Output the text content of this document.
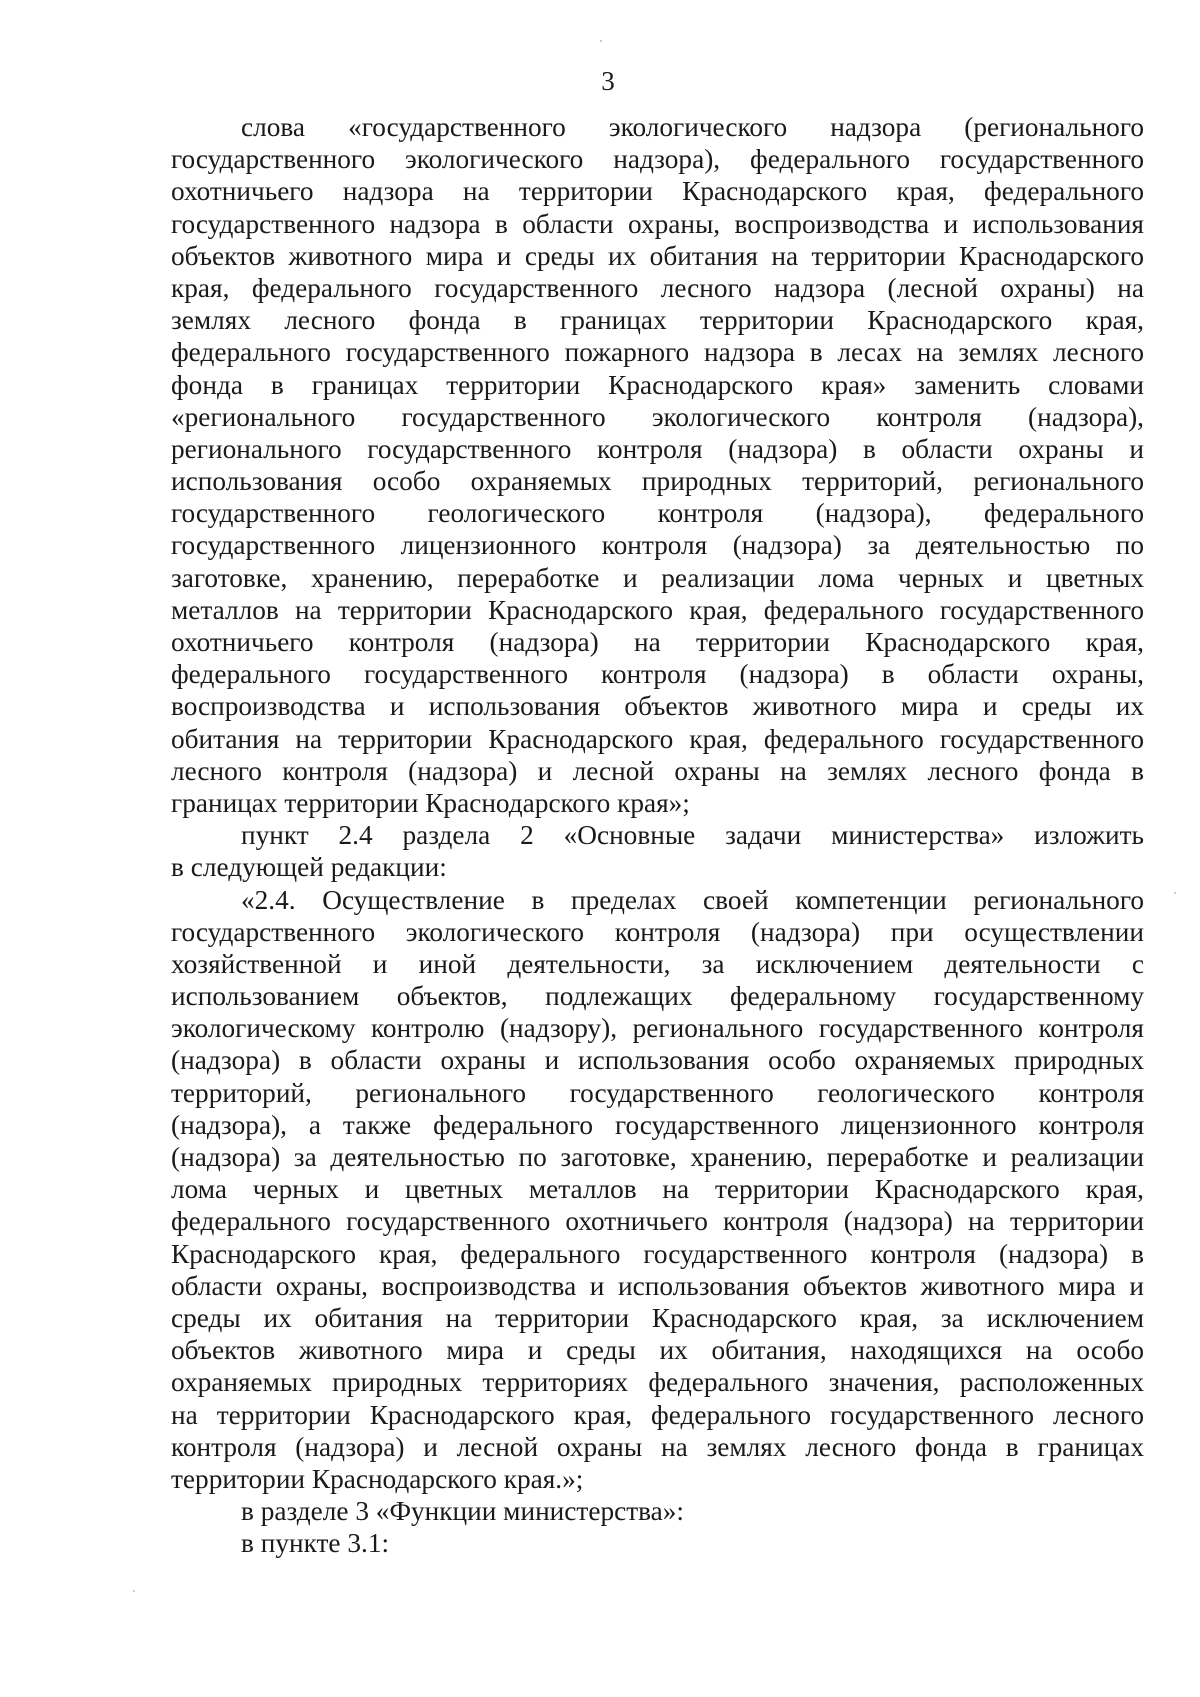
3
слова «государственного экологического надзора (регионального
государственного экологического надзора), федерального государственного
охотничьего надзора на территории Краснодарского края, федерального
государственного надзора в области охраны, воспроизводства и использования
объектов животного мира и среды их обитания на территории Краснодарского
края, федерального государственного лесного надзора (лесной охраны) на
землях лесного фонда в границах территории Краснодарского края,
федерального государственного пожарного надзора в лесах на землях лесного
фонда в границах территории Краснодарского края» заменить словами
«регионального государственного экологического контроля (надзора),
регионального государственного контроля (надзора) в области охраны и
использования особо охраняемых природных территорий, регионального
государственного геологического контроля (надзора), федерального
государственного лицензионного контроля (надзора) за деятельностью по
заготовке, хранению, переработке и реализации лома черных и цветных
металлов на территории Краснодарского края, федерального государственного
охотничьего контроля (надзора) на территории Краснодарского края,
федерального государственного контроля (надзора) в области охраны,
воспроизводства и использования объектов животного мира и среды их
обитания на территории Краснодарского края, федерального государственного
лесного контроля (надзора) и лесной охраны на землях лесного фонда в
границах территории Краснодарского края»;
пункт 2.4 раздела 2 «Основные задачи министерства» изложить
в следующей редакции:
«2.4. Осуществление в пределах своей компетенции регионального
государственного экологического контроля (надзора) при осуществлении
хозяйственной и иной деятельности, за исключением деятельности с
использованием объектов, подлежащих федеральному государственному
экологическому контролю (надзору), регионального государственного контроля
(надзора) в области охраны и использования особо охраняемых природных
территорий, регионального государственного геологического контроля
(надзора), а также федерального государственного лицензионного контроля
(надзора) за деятельностью по заготовке, хранению, переработке и реализации
лома черных и цветных металлов на территории Краснодарского края,
федерального государственного охотничьего контроля (надзора) на территории
Краснодарского края, федерального государственного контроля (надзора) в
области охраны, воспроизводства и использования объектов животного мира и
среды их обитания на территории Краснодарского края, за исключением
объектов животного мира и среды их обитания, находящихся на особо
охраняемых природных территориях федерального значения, расположенных
на территории Краснодарского края, федерального государственного лесного
контроля (надзора) и лесной охраны на землях лесного фонда в границах
территории Краснодарского края.»;
в разделе 3 «Функции министерства»:
в пункте 3.1:
